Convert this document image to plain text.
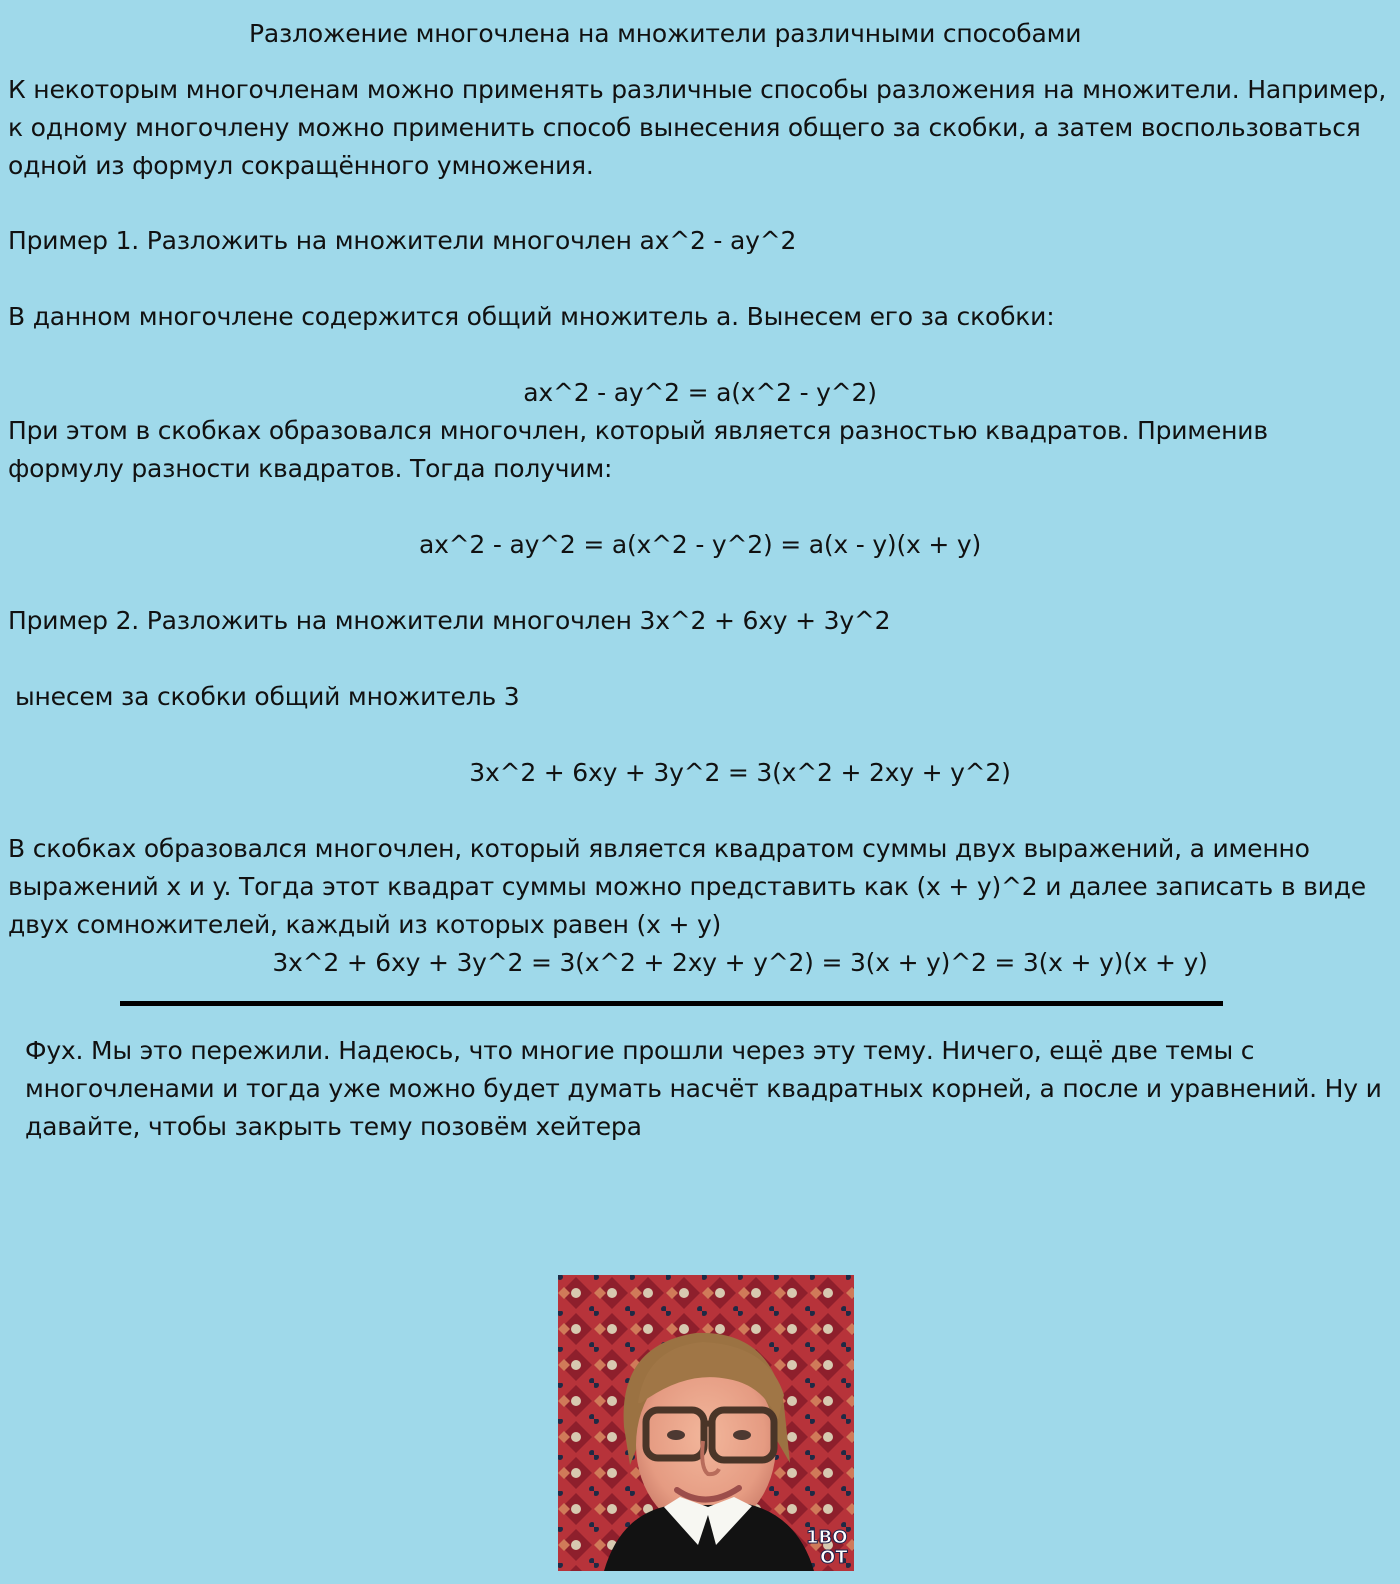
Разложение многочлена на множители различными способами
К некоторым многочленам можно применять различные способы разложения на множители. Например,
к одному многочлену можно применить способ вынесения общего за скобки, а затем воспользоваться
одной из формул сокращённого умножения.
Пример 1. Разложить на множители многочлен ax^2 - ay^2
В данном многочлене содержится общий множитель a. Вынесем его за скобки:
ax^2 - ay^2 = a(x^2 - y^2)
При этом в скобках образовался многочлен, который является разностью квадратов. Применив
формулу разности квадратов. Тогда получим:
ax^2 - ay^2 = a(x^2 - y^2) = a(x - y)(x + y)
Пример 2. Разложить на множители многочлен 3x^2 + 6xy + 3y^2
ынесем за скобки общий множитель 3
3x^2 + 6xy + 3y^2 = 3(x^2 + 2xy + y^2)
В скобках образовался многочлен, который является квадратом суммы двух выражений, а именно
выражений x и y. Тогда этот квадрат суммы можно представить как (x + y)^2 и далее записать в виде
двух сомножителей, каждый из которых равен (x + y)
3x^2 + 6xy + 3y^2 = 3(x^2 + 2xy + y^2) = 3(x + y)^2 = 3(x + y)(x + y)
Фух. Мы это пережили. Надеюсь, что многие прошли через эту тему. Ничего, ещё две темы с
многочленами и тогда уже можно будет думать насчёт квадратных корней, а после и уравнений. Ну и
давайте, чтобы закрыть тему позовём хейтера
1BO
OT
